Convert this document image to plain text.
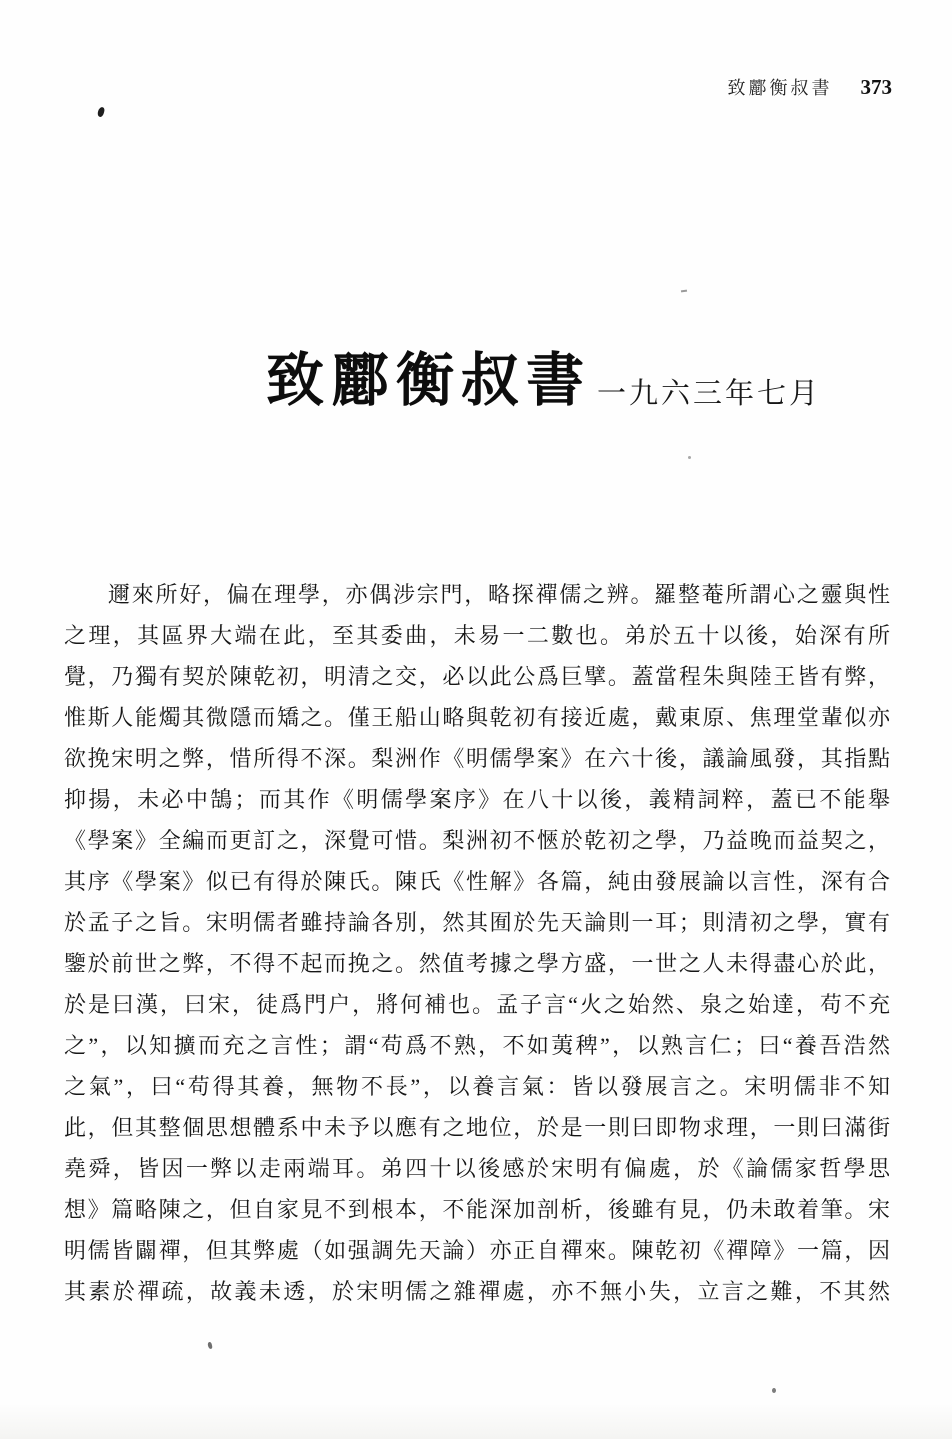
致酈衡叔書 373
致酈衡叔書 一九六三年七月
邇來所好，偏在理學，亦偶涉宗門，略探禪儒之辨。羅整菴所謂心之靈與性
之理，其區界大端在此，至其委曲，未易一二數也。弟於五十以後，始深有所
覺，乃獨有契於陳乾初，明清之交，必以此公爲巨擘。蓋當程朱與陸王皆有弊，
惟斯人能燭其微隱而矯之。僅王船山略與乾初有接近處，戴東原、焦理堂輩似亦
欲挽宋明之弊，惜所得不深。梨洲作《明儒學案》在六十後，議論風發，其指點
抑揚，未必中鵠；而其作《明儒學案序》在八十以後，義精詞粹，蓋已不能舉
《學案》全編而更訂之，深覺可惜。梨洲初不愜於乾初之學，乃益晚而益契之，
其序《學案》似已有得於陳氏。陳氏《性解》各篇，純由發展論以言性，深有合
於孟子之旨。宋明儒者雖持論各別，然其囿於先天論則一耳；則清初之學，實有
鑒於前世之弊，不得不起而挽之。然值考據之學方盛，一世之人未得盡心於此，
於是曰漢，曰宋，徒爲門户，將何補也。孟子言“火之始然、泉之始達，苟不充
之”，以知擴而充之言性；謂“苟爲不熟，不如荑稗”，以熟言仁；曰“養吾浩然
之氣”，曰“苟得其養，無物不長”，以養言氣：皆以發展言之。宋明儒非不知
此，但其整個思想體系中未予以應有之地位，於是一則曰即物求理，一則曰滿街
堯舜，皆因一弊以走兩端耳。弟四十以後感於宋明有偏處，於《論儒家哲學思
想》篇略陳之，但自家見不到根本，不能深加剖析，後雖有見，仍未敢着筆。宋
明儒皆闢禪，但其弊處（如强調先天論）亦正自禪來。陳乾初《禪障》一篇，因
其素於禪疏，故義未透，於宋明儒之雜禪處，亦不無小失，立言之難，不其然
